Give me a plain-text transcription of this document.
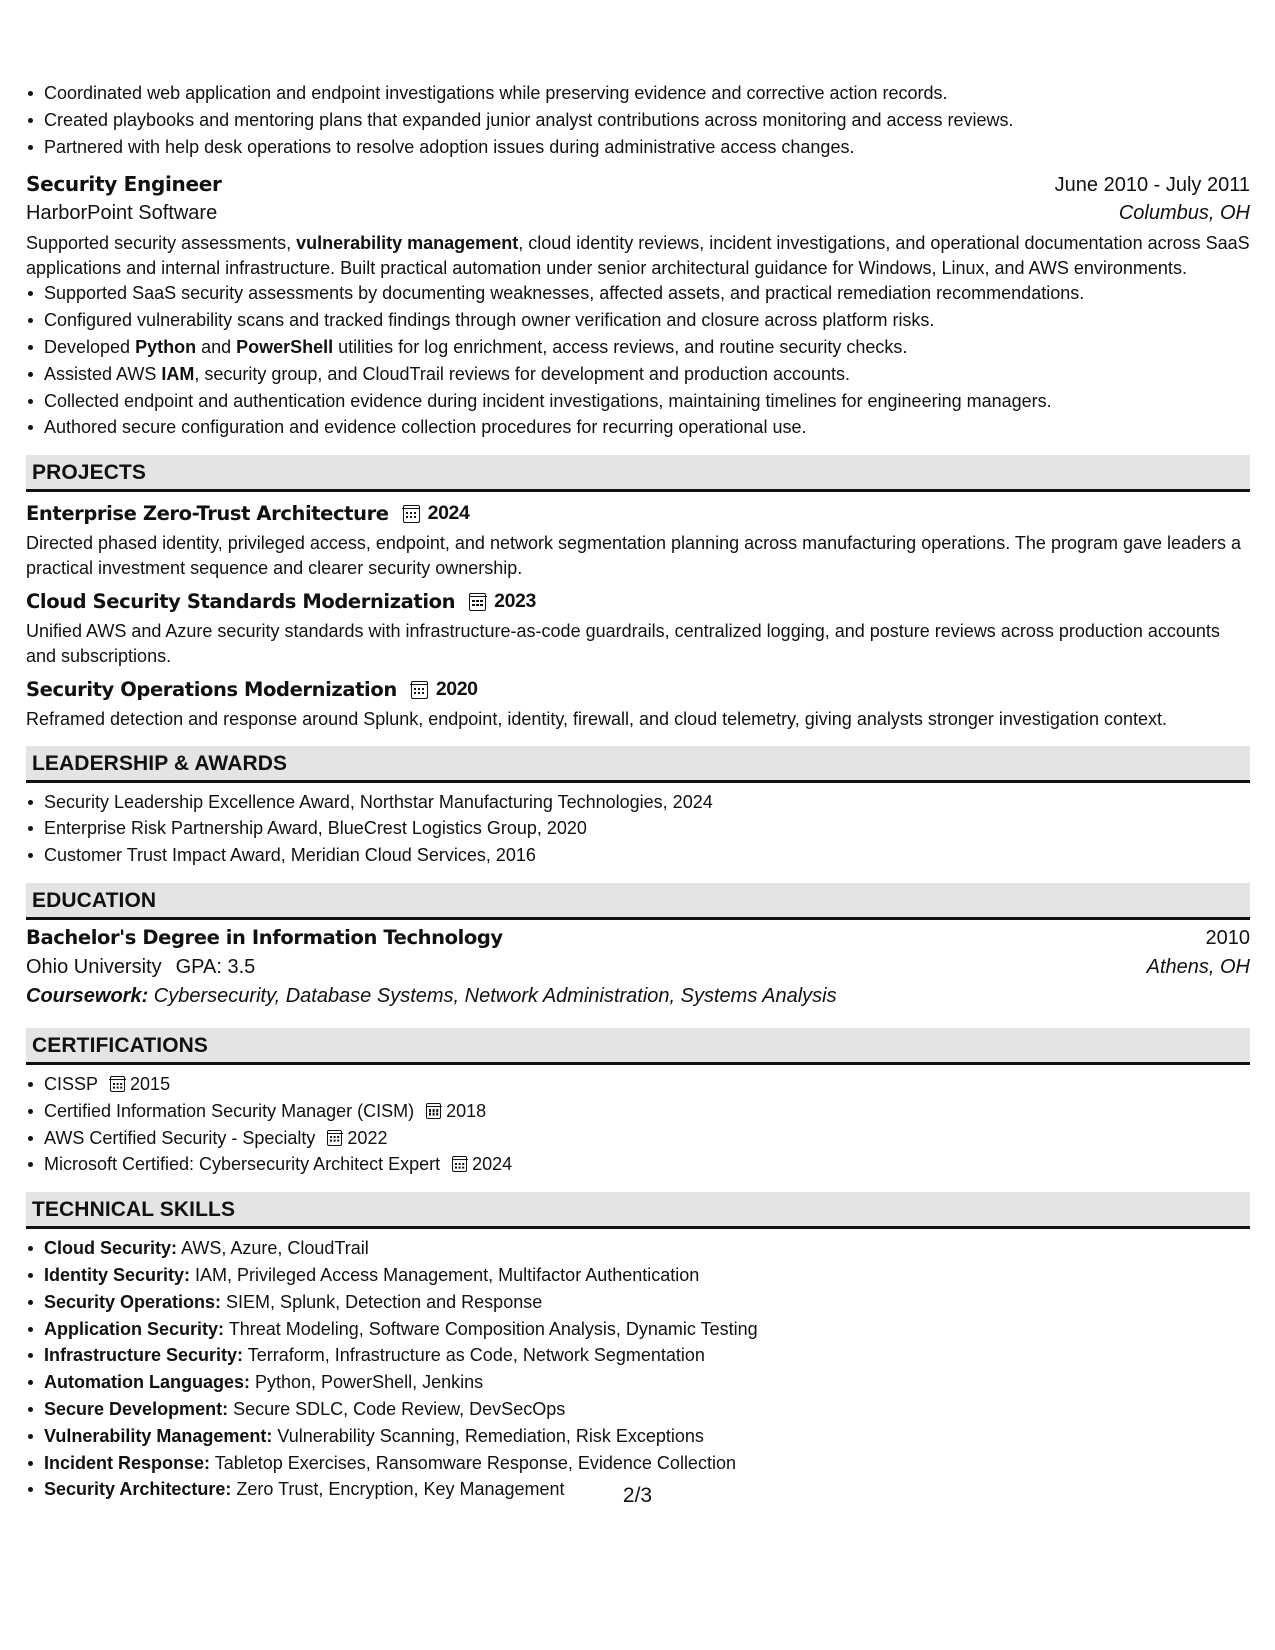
Coordinated web application and endpoint investigations while preserving evidence and corrective action records.
Created playbooks and mentoring plans that expanded junior analyst contributions across monitoring and access reviews.
Partnered with help desk operations to resolve adoption issues during administrative access changes.
Security Engineer	June 2010 - July 2011
HarborPoint Software	Columbus, OH

Supported security assessments, vulnerability management, cloud identity reviews, incident investigations, and operational documentation across SaaS applications and internal infrastructure. Built practical automation under senior architectural guidance for Windows, Linux, and AWS environments.

Supported SaaS security assessments by documenting weaknesses, affected assets, and practical remediation recommendations.
Configured vulnerability scans and tracked findings through owner verification and closure across platform risks.
Developed Python and PowerShell utilities for log enrichment, access reviews, and routine security checks.
Assisted AWS IAM, security group, and CloudTrail reviews for development and production accounts.
Collected endpoint and authentication evidence during incident investigations, maintaining timelines for engineering managers.
Authored secure configuration and evidence collection procedures for recurring operational use.
PROJECTS
Enterprise Zero-Trust Architecture 2024

Directed phased identity, privileged access, endpoint, and network segmentation planning across manufacturing operations. The program gave leaders a practical investment sequence and clearer security ownership.

Cloud Security Standards Modernization 2023

Unified AWS and Azure security standards with infrastructure-as-code guardrails, centralized logging, and posture reviews across production accounts and subscriptions.

Security Operations Modernization 2020

Reframed detection and response around Splunk, endpoint, identity, firewall, and cloud telemetry, giving analysts stronger investigation context.

LEADERSHIP & AWARDS
Security Leadership Excellence Award, Northstar Manufacturing Technologies, 2024
Enterprise Risk Partnership Award, BlueCrest Logistics Group, 2020
Customer Trust Impact Award, Meridian Cloud Services, 2016
EDUCATION
Bachelor's Degree in Information Technology	2010
Ohio University GPA: 3.5	Athens, OH

Coursework: Cybersecurity, Database Systems, Network Administration, Systems Analysis

CERTIFICATIONS
CISSP 2015
Certified Information Security Manager (CISM) 2018
AWS Certified Security - Specialty 2022
Microsoft Certified: Cybersecurity Architect Expert 2024
TECHNICAL SKILLS
Cloud Security: AWS, Azure, CloudTrail
Identity Security: IAM, Privileged Access Management, Multifactor Authentication
Security Operations: SIEM, Splunk, Detection and Response
Application Security: Threat Modeling, Software Composition Analysis, Dynamic Testing
Infrastructure Security: Terraform, Infrastructure as Code, Network Segmentation
Automation Languages: Python, PowerShell, Jenkins
Secure Development: Secure SDLC, Code Review, DevSecOps
Vulnerability Management: Vulnerability Scanning, Remediation, Risk Exceptions
Incident Response: Tabletop Exercises, Ransomware Response, Evidence Collection
Security Architecture: Zero Trust, Encryption, Key Management	2/3
